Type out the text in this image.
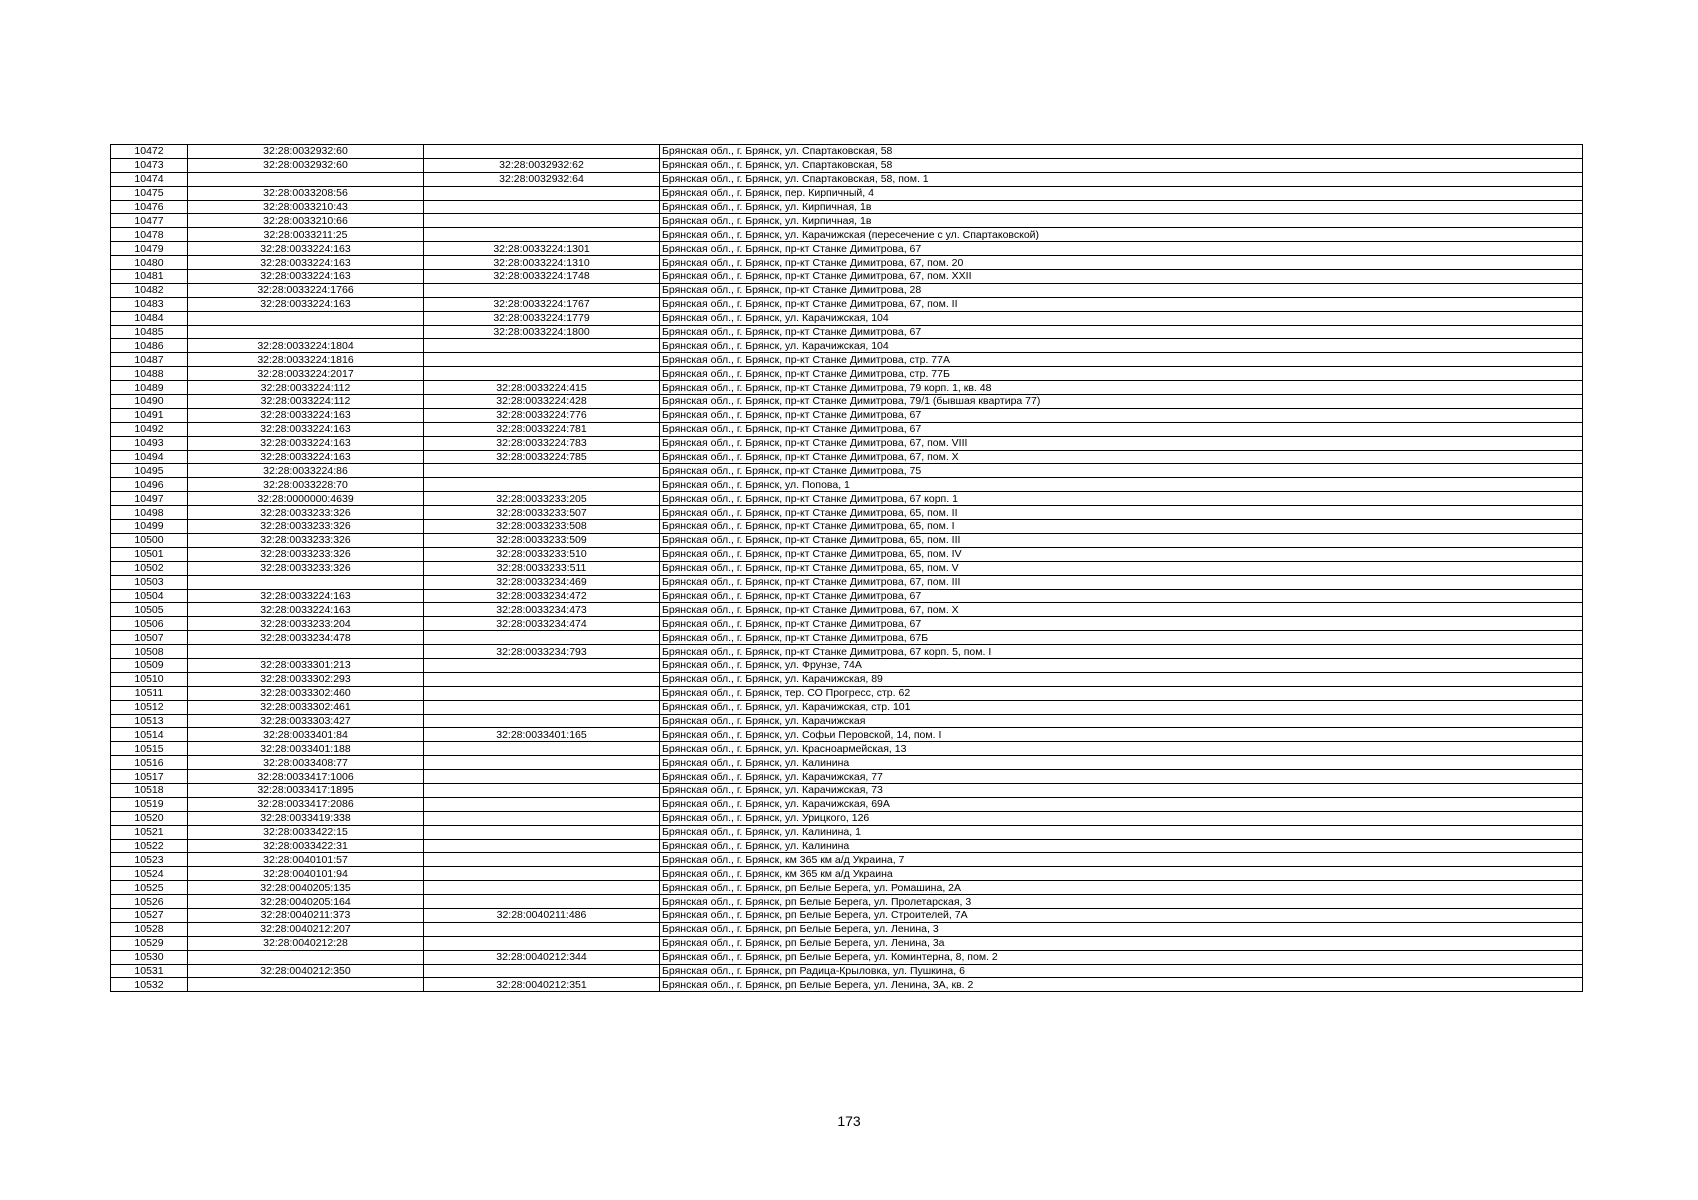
10472	32:28:0032932:60		Брянская обл., г. Брянск, ул. Спартаковская, 58
10473	32:28:0032932:60	32:28:0032932:62	Брянская обл., г. Брянск, ул. Спартаковская, 58
10474		32:28:0032932:64	Брянская обл., г. Брянск, ул. Спартаковская, 58, пом. 1
10475	32:28:0033208:56		Брянская обл., г. Брянск, пер. Кирпичный, 4
10476	32:28:0033210:43		Брянская обл., г. Брянск, ул. Кирпичная, 1в
10477	32:28:0033210:66		Брянская обл., г. Брянск, ул. Кирпичная, 1в
10478	32:28:0033211:25		Брянская обл., г. Брянск, ул. Карачижская (пересечение с ул. Спартаковской)
10479	32:28:0033224:163	32:28:0033224:1301	Брянская обл., г. Брянск, пр-кт Станке Димитрова, 67
10480	32:28:0033224:163	32:28:0033224:1310	Брянская обл., г. Брянск, пр-кт Станке Димитрова, 67, пом. 20
10481	32:28:0033224:163	32:28:0033224:1748	Брянская обл., г. Брянск, пр-кт Станке Димитрова, 67, пом. XXII
10482	32:28:0033224:1766		Брянская обл., г. Брянск, пр-кт Станке Димитрова, 28
10483	32:28:0033224:163	32:28:0033224:1767	Брянская обл., г. Брянск, пр-кт Станке Димитрова, 67, пом. II
10484		32:28:0033224:1779	Брянская обл., г. Брянск, ул. Карачижская, 104
10485		32:28:0033224:1800	Брянская обл., г. Брянск, пр-кт Станке Димитрова, 67
10486	32:28:0033224:1804		Брянская обл., г. Брянск, ул. Карачижская, 104
10487	32:28:0033224:1816		Брянская обл., г. Брянск, пр-кт Станке Димитрова, стр. 77А
10488	32:28:0033224:2017		Брянская обл., г. Брянск, пр-кт Станке Димитрова, стр. 77Б
10489	32:28:0033224:112	32:28:0033224:415	Брянская обл., г. Брянск, пр-кт Станке Димитрова, 79 корп. 1, кв. 48
10490	32:28:0033224:112	32:28:0033224:428	Брянская обл., г. Брянск, пр-кт Станке Димитрова, 79/1 (бывшая квартира 77)
10491	32:28:0033224:163	32:28:0033224:776	Брянская обл., г. Брянск, пр-кт Станке Димитрова, 67
10492	32:28:0033224:163	32:28:0033224:781	Брянская обл., г. Брянск, пр-кт Станке Димитрова, 67
10493	32:28:0033224:163	32:28:0033224:783	Брянская обл., г. Брянск, пр-кт Станке Димитрова, 67, пом. VIII
10494	32:28:0033224:163	32:28:0033224:785	Брянская обл., г. Брянск, пр-кт Станке Димитрова, 67, пом. X
10495	32:28:0033224:86		Брянская обл., г. Брянск, пр-кт Станке Димитрова, 75
10496	32:28:0033228:70		Брянская обл., г. Брянск, ул. Попова, 1
10497	32:28:0000000:4639	32:28:0033233:205	Брянская обл., г. Брянск, пр-кт Станке Димитрова, 67 корп. 1
10498	32:28:0033233:326	32:28:0033233:507	Брянская обл., г. Брянск, пр-кт Станке Димитрова, 65, пом. II
10499	32:28:0033233:326	32:28:0033233:508	Брянская обл., г. Брянск, пр-кт Станке Димитрова, 65, пом. I
10500	32:28:0033233:326	32:28:0033233:509	Брянская обл., г. Брянск, пр-кт Станке Димитрова, 65, пом. III
10501	32:28:0033233:326	32:28:0033233:510	Брянская обл., г. Брянск, пр-кт Станке Димитрова, 65, пом. IV
10502	32:28:0033233:326	32:28:0033233:511	Брянская обл., г. Брянск, пр-кт Станке Димитрова, 65, пом. V
10503		32:28:0033234:469	Брянская обл., г. Брянск, пр-кт Станке Димитрова, 67, пом. III
10504	32:28:0033224:163	32:28:0033234:472	Брянская обл., г. Брянск, пр-кт Станке Димитрова, 67
10505	32:28:0033224:163	32:28:0033234:473	Брянская обл., г. Брянск, пр-кт Станке Димитрова, 67, пом. X
10506	32:28:0033233:204	32:28:0033234:474	Брянская обл., г. Брянск, пр-кт Станке Димитрова, 67
10507	32:28:0033234:478		Брянская обл., г. Брянск, пр-кт Станке Димитрова, 67Б
10508		32:28:0033234:793	Брянская обл., г. Брянск, пр-кт Станке Димитрова, 67 корп. 5, пом. I
10509	32:28:0033301:213		Брянская обл., г. Брянск, ул. Фрунзе, 74А
10510	32:28:0033302:293		Брянская обл., г. Брянск, ул. Карачижская, 89
10511	32:28:0033302:460		Брянская обл., г. Брянск, тер. СО Прогресс, стр. 62
10512	32:28:0033302:461		Брянская обл., г. Брянск, ул. Карачижская, стр. 101
10513	32:28:0033303:427		Брянская обл., г. Брянск, ул. Карачижская
10514	32:28:0033401:84	32:28:0033401:165	Брянская обл., г. Брянск, ул. Софьи Перовской, 14, пом. I
10515	32:28:0033401:188		Брянская обл., г. Брянск, ул. Красноармейская, 13
10516	32:28:0033408:77		Брянская обл., г. Брянск, ул. Калинина
10517	32:28:0033417:1006		Брянская обл., г. Брянск, ул. Карачижская, 77
10518	32:28:0033417:1895		Брянская обл., г. Брянск, ул. Карачижская, 73
10519	32:28:0033417:2086		Брянская обл., г. Брянск, ул. Карачижская, 69А
10520	32:28:0033419:338		Брянская обл., г. Брянск, ул. Урицкого, 126
10521	32:28:0033422:15		Брянская обл., г. Брянск, ул. Калинина, 1
10522	32:28:0033422:31		Брянская обл., г. Брянск, ул. Калинина
10523	32:28:0040101:57		Брянская обл., г. Брянск, км 365 км а/д Украина, 7
10524	32:28:0040101:94		Брянская обл., г. Брянск, км 365 км а/д Украина
10525	32:28:0040205:135		Брянская обл., г. Брянск, рп Белые Берега, ул. Ромашина, 2А
10526	32:28:0040205:164		Брянская обл., г. Брянск, рп Белые Берега, ул. Пролетарская, 3
10527	32:28:0040211:373	32:28:0040211:486	Брянская обл., г. Брянск, рп Белые Берега, ул. Строителей, 7А
10528	32:28:0040212:207		Брянская обл., г. Брянск, рп Белые Берега, ул. Ленина, 3
10529	32:28:0040212:28		Брянская обл., г. Брянск, рп Белые Берега, ул. Ленина, 3а
10530		32:28:0040212:344	Брянская обл., г. Брянск, рп Белые Берега, ул. Коминтерна, 8, пом. 2
10531	32:28:0040212:350		Брянская обл., г. Брянск, рп Радица-Крыловка, ул. Пушкина, 6
10532		32:28:0040212:351	Брянская обл., г. Брянск, рп Белые Берега, ул. Ленина, 3А, кв. 2
173
